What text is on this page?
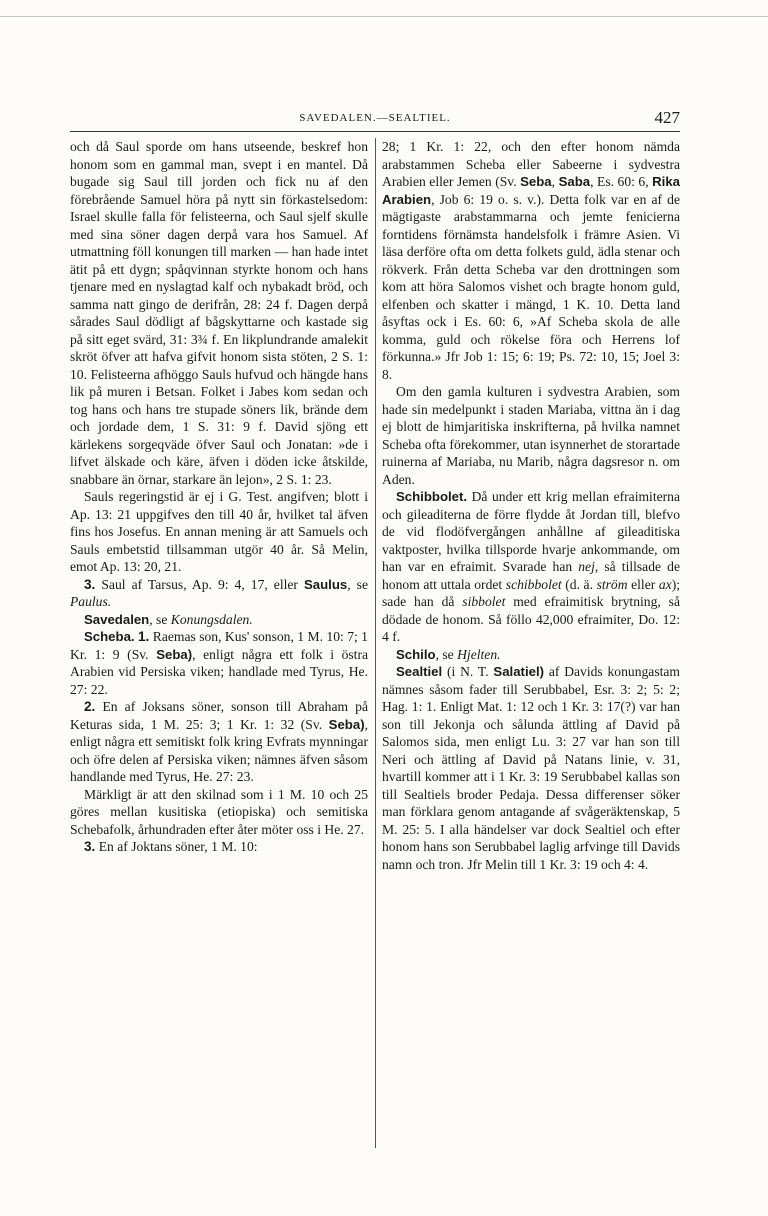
SAVEDALEN.—SEALTIEL.	427

och då Saul sporde om hans utseende, beskref hon honom som en gammal man, svept i en mantel. Då bugade sig Saul till jorden och fick nu af den förebrående Samuel höra på nytt sin förkastelsedom: Israel skulle falla för felisteerna, och Saul sjelf skulle med sina söner dagen derpå vara hos Samuel. Af utmattning föll konungen till marken — han hade intet ätit på ett dygn; spåqvinnan styrkte honom och hans tjenare med en nyslagtad kalf och nybakadt bröd, och samma natt gingo de derifrån, 28: 24 f. Dagen derpå sårades Saul dödligt af bågskyttarne och kastade sig på sitt eget svärd, 31: 3¾ f. En likplundrande amalekit skröt öfver att hafva gifvit honom sista stöten, 2 S. 1: 10. Felisteerna afhöggo Sauls hufvud och hängde hans lik på muren i Betsan. Folket i Jabes kom sedan och tog hans och hans tre stupade söners lik, brände dem och jordade dem, 1 S. 31: 9 f. David sjöng ett kärlekens sorgeqväde öfver Saul och Jonatan: »de i lifvet älskade och käre, äfven i döden icke åtskilde, snabbare än örnar, starkare än lejon», 2 S. 1: 23.

Sauls regeringstid är ej i G. Test. angifven; blott i Ap. 13: 21 uppgifves den till 40 år, hvilket tal äfven fins hos Josefus. En annan mening är att Samuels och Sauls embetstid tillsamman utgör 40 år. Så Melin, emot Ap. 13: 20, 21.

3. Saul af Tarsus, Ap. 9: 4, 17, eller Saulus, se Paulus.

Savedalen, se Konungsdalen.

Scheba. 1. Raemas son, Kus' sonson, 1 M. 10: 7; 1 Kr. 1: 9 (Sv. Seba), enligt några ett folk i östra Arabien vid Persiska viken; handlade med Tyrus, He. 27: 22.

2. En af Joksans söner, sonson till Abraham på Keturas sida, 1 M. 25: 3; 1 Kr. 1: 32 (Sv. Seba), enligt några ett semitiskt folk kring Evfrats mynningar och öfre delen af Persiska viken; nämnes äfven såsom handlande med Tyrus, He. 27: 23.

Märkligt är att den skilnad som i 1 M. 10 och 25 göres mellan kusitiska (etiopiska) och semitiska Schebafolk, århundraden efter åter möter oss i He. 27.

3. En af Joktans söner, 1 M. 10:

28; 1 Kr. 1: 22, och den efter honom nämda arabstammen Scheba eller Sabeerne i sydvestra Arabien eller Jemen (Sv. Seba, Saba, Es. 60: 6, Rika Arabien, Job 6: 19 o. s. v.). Detta folk var en af de mägtigaste arabstammarna och jemte fenicierna forntidens förnämsta handelsfolk i främre Asien. Vi läsa derföre ofta om detta folkets guld, ädla stenar och rökverk. Från detta Scheba var den drottningen som kom att höra Salomos vishet och bragte honom guld, elfenben och skatter i mängd, 1 K. 10. Detta land åsyftas ock i Es. 60: 6, »Af Scheba skola de alle komma, guld och rökelse föra och Herrens lof förkunna.» Jfr Job 1: 15; 6: 19; Ps. 72: 10, 15; Joel 3: 8.

Om den gamla kulturen i sydvestra Arabien, som hade sin medelpunkt i staden Mariaba, vittna än i dag ej blott de himjaritiska inskrifterna, på hvilka namnet Scheba ofta förekommer, utan isynnerhet de storartade ruinerna af Mariaba, nu Marib, några dagsresor n. om Aden.

Schibbolet. Då under ett krig mellan efraimiterna och gileaditerna de förre flydde åt Jordan till, blefvo de vid flodöfvergången anhållne af gileaditiska vaktposter, hvilka tillsporde hvarje ankommande, om han var en efraimit. Svarade han nej, så tillsade de honom att uttala ordet schibbolet (d. ä. ström eller ax); sade han då sibbolet med efraimitisk brytning, så dödade de honom. Så föllo 42,000 efraimiter, Do. 12: 4 f.

Schilo, se Hjelten.

Sealtiel (i N. T. Salatiel) af Davids konungastam nämnes såsom fader till Serubbabel, Esr. 3: 2; 5: 2; Hag. 1: 1. Enligt Mat. 1: 12 och 1 Kr. 3: 17(?) var han son till Jekonja och sålunda ättling af David på Salomos sida, men enligt Lu. 3: 27 var han son till Neri och ättling af David på Natans linie, v. 31, hvartill kommer att i 1 Kr. 3: 19 Serubbabel kallas son till Sealtiels broder Pedaja. Dessa differenser söker man förklara genom antagande af svågeräktenskap, 5 M. 25: 5. I alla händelser var dock Sealtiel och efter honom hans son Serubbabel laglig arfvinge till Davids namn och tron. Jfr Melin till 1 Kr. 3: 19 och 4: 4.
